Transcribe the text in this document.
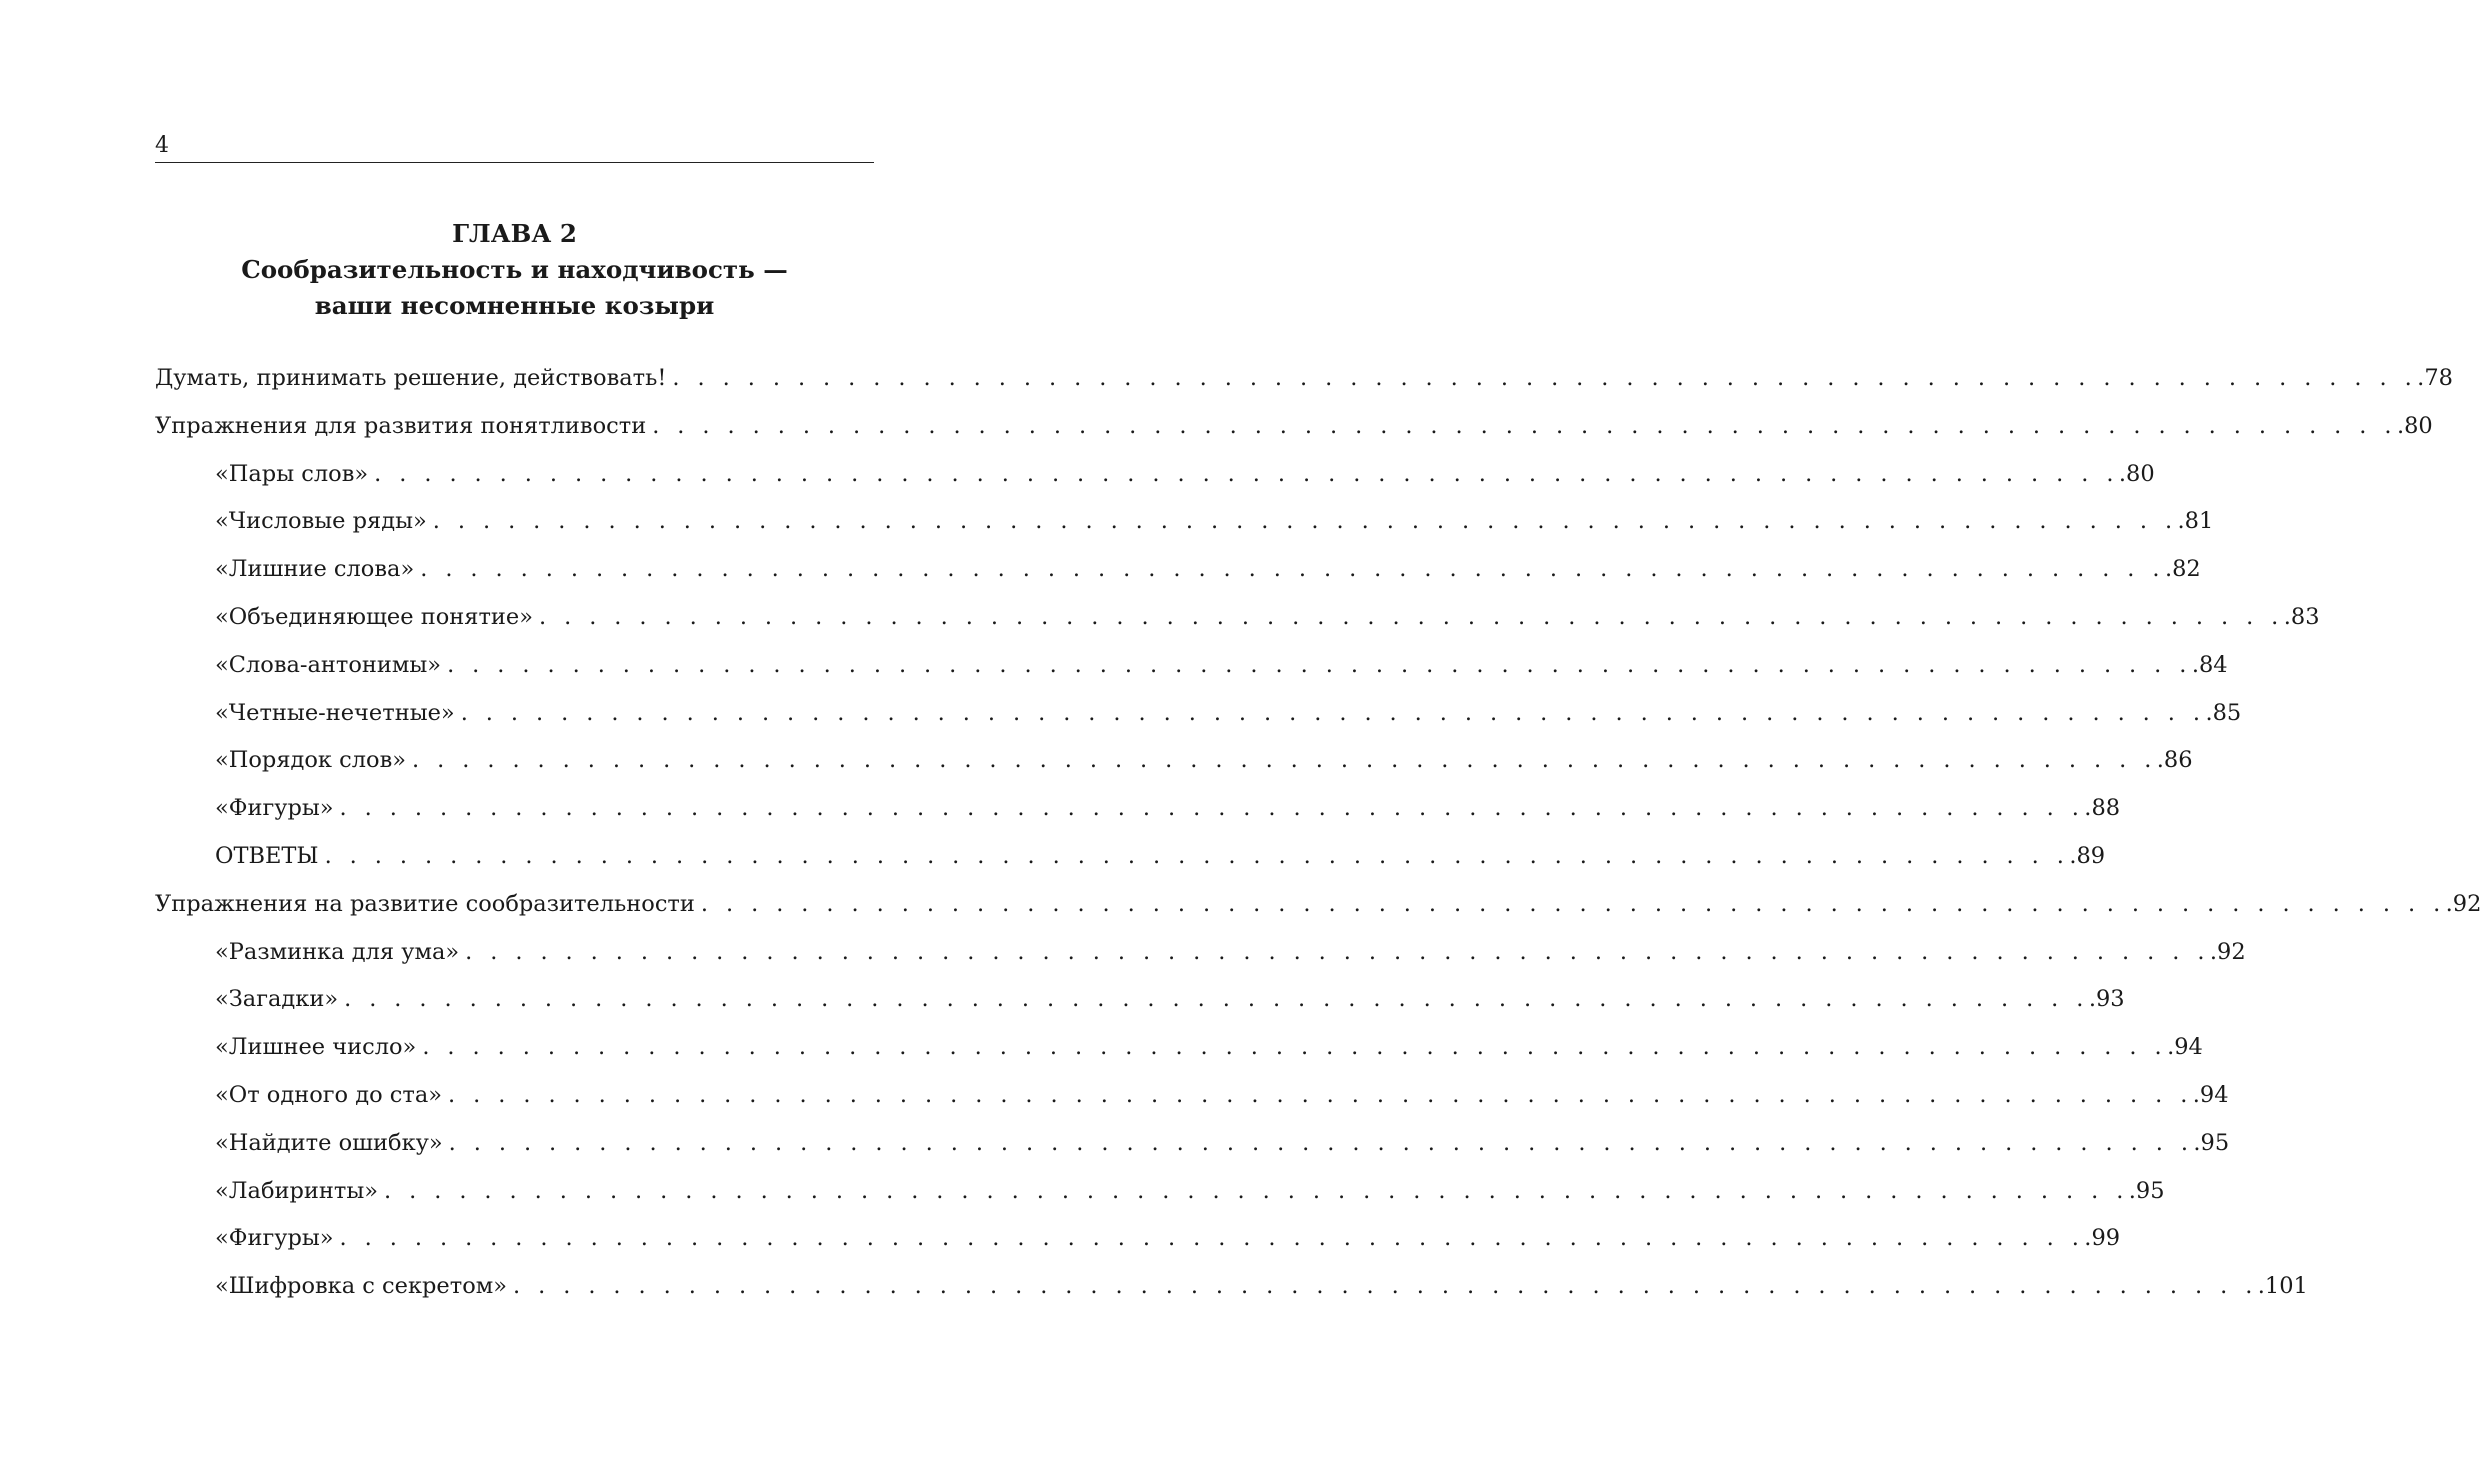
4
ГЛАВА 2
Сообразительность и находчивость —
ваши несомненные козыри
Думать, принимать решение, действовать! . . . . . . . . . . . . . . . . . . . . . . . . . . . . . . . . . . . . . . . . . . . . . . . . . . . . . . . . . . . . . . . . . . . . . . .78
Упражнения для развития понятливости . . . . . . . . . . . . . . . . . . . . . . . . . . . . . . . . . . . . . . . . . . . . . . . . . . . . . . . . . . . . . . . . . . . . . . .80
«Пары слов» . . . . . . . . . . . . . . . . . . . . . . . . . . . . . . . . . . . . . . . . . . . . . . . . . . . . . . . . . . . . . . . . . . . . . . .80
«Числовые ряды» . . . . . . . . . . . . . . . . . . . . . . . . . . . . . . . . . . . . . . . . . . . . . . . . . . . . . . . . . . . . . . . . . . . . . . .81
«Лишние слова» . . . . . . . . . . . . . . . . . . . . . . . . . . . . . . . . . . . . . . . . . . . . . . . . . . . . . . . . . . . . . . . . . . . . . . .82
«Объединяющее понятие» . . . . . . . . . . . . . . . . . . . . . . . . . . . . . . . . . . . . . . . . . . . . . . . . . . . . . . . . . . . . . . . . . . . . . . .83
«Слова-антонимы» . . . . . . . . . . . . . . . . . . . . . . . . . . . . . . . . . . . . . . . . . . . . . . . . . . . . . . . . . . . . . . . . . . . . . . .84
«Четные-нечетные» . . . . . . . . . . . . . . . . . . . . . . . . . . . . . . . . . . . . . . . . . . . . . . . . . . . . . . . . . . . . . . . . . . . . . . .85
«Порядок слов» . . . . . . . . . . . . . . . . . . . . . . . . . . . . . . . . . . . . . . . . . . . . . . . . . . . . . . . . . . . . . . . . . . . . . . .86
«Фигуры» . . . . . . . . . . . . . . . . . . . . . . . . . . . . . . . . . . . . . . . . . . . . . . . . . . . . . . . . . . . . . . . . . . . . . . .88
ОТВЕТЫ . . . . . . . . . . . . . . . . . . . . . . . . . . . . . . . . . . . . . . . . . . . . . . . . . . . . . . . . . . . . . . . . . . . . . . .89
Упражнения на развитие сообразительности . . . . . . . . . . . . . . . . . . . . . . . . . . . . . . . . . . . . . . . . . . . . . . . . . . . . . . . . . . . . . . . . . . . . . . .92
«Разминка для ума» . . . . . . . . . . . . . . . . . . . . . . . . . . . . . . . . . . . . . . . . . . . . . . . . . . . . . . . . . . . . . . . . . . . . . . .92
«Загадки» . . . . . . . . . . . . . . . . . . . . . . . . . . . . . . . . . . . . . . . . . . . . . . . . . . . . . . . . . . . . . . . . . . . . . . .93
«Лишнее число» . . . . . . . . . . . . . . . . . . . . . . . . . . . . . . . . . . . . . . . . . . . . . . . . . . . . . . . . . . . . . . . . . . . . . . .94
«От одного до ста» . . . . . . . . . . . . . . . . . . . . . . . . . . . . . . . . . . . . . . . . . . . . . . . . . . . . . . . . . . . . . . . . . . . . . . .94
«Найдите ошибку» . . . . . . . . . . . . . . . . . . . . . . . . . . . . . . . . . . . . . . . . . . . . . . . . . . . . . . . . . . . . . . . . . . . . . . .95
«Лабиринты» . . . . . . . . . . . . . . . . . . . . . . . . . . . . . . . . . . . . . . . . . . . . . . . . . . . . . . . . . . . . . . . . . . . . . . .95
«Фигуры» . . . . . . . . . . . . . . . . . . . . . . . . . . . . . . . . . . . . . . . . . . . . . . . . . . . . . . . . . . . . . . . . . . . . . . .99
«Шифровка с секретом» . . . . . . . . . . . . . . . . . . . . . . . . . . . . . . . . . . . . . . . . . . . . . . . . . . . . . . . . . . . . . . . . . . . . . . .101
